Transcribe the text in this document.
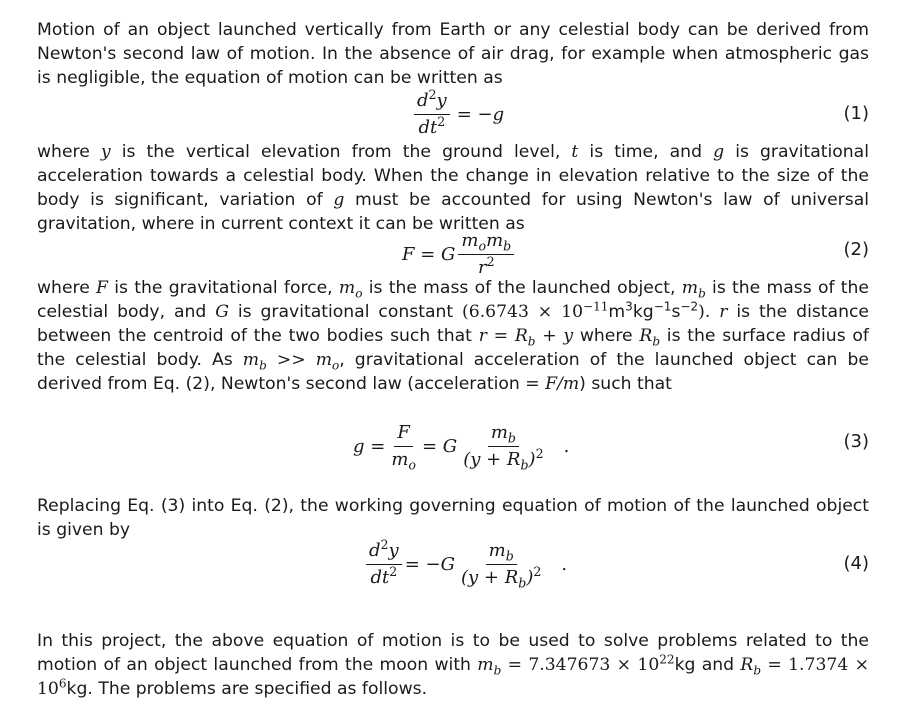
Motion of an object launched vertically from Earth or any celestial body can be derived from Newton's second law of motion. In the absence of air drag, for example when atmospheric gas is negligible, the equation of motion can be written as

$\frac{d^2y}{dt^2} = -g$	(1)

where y is the vertical elevation from the ground level, t is time, and g is gravitational acceleration towards a celestial body. When the change in elevation relative to the size of the body is significant, variation of g must be accounted for using Newton's law of universal gravitation, where in current context it can be written as

F = G $\frac{m_om_b}{r^2}$	(2)

where F is the gravitational force, $m_o$ is the mass of the launched object, $m_b$ is the mass of the celestial body, and G is gravitational constant $(6.6743 \times 10^{-11}m^3kg^{-1}s^{-2})$. r is the distance between the centroid of the two bodies such that $r = R_b + y$ where $R_b$ is the surface radius of the celestial body. As $m_b >> m_o$, gravitational acceleration of the launched object can be derived from Eq. (2), Newton's second law (acceleration = F/m) such that

$g = \frac{F}{m_o} = G \frac{m_b}{(y + R_b)^2}$ .	(3)

Replacing Eq. (3) into Eq. (2), the working governing equation of motion of the launched object is given by

$\frac{d^2y}{dt^2} = -G \frac{m_b}{(y + R_b)^2}$ .	(4)

In this project, the above equation of motion is to be used to solve problems related to the motion of an object launched from the moon with $m_b = 7.347673 \times 10^{22}kg$ and $R_b = 1.7374 \times 10^6kg$. The problems are specified as follows.
